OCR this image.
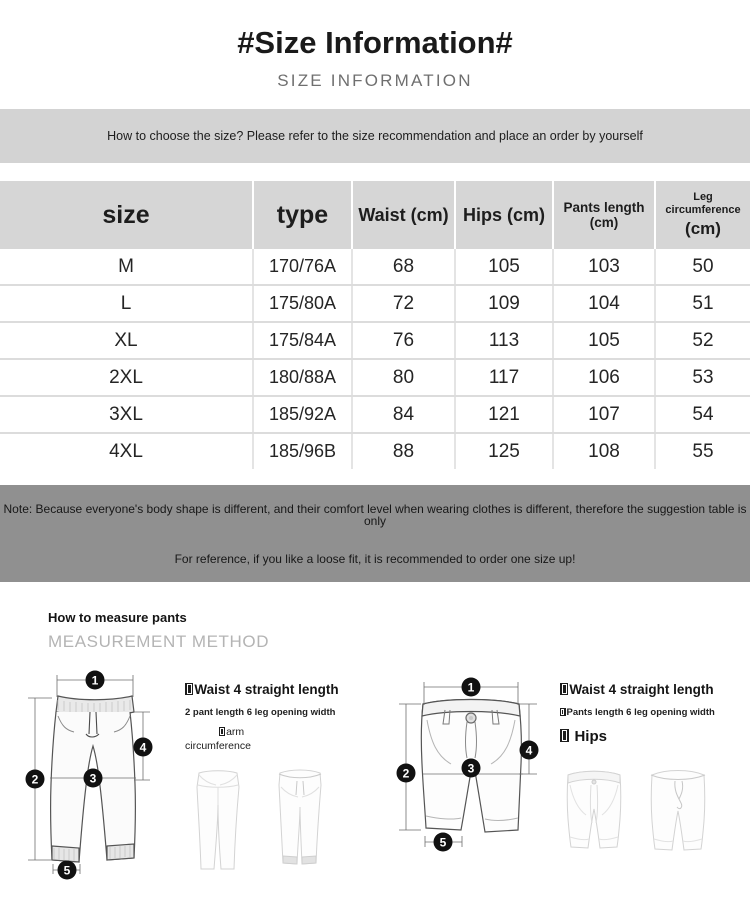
#Size Information#
SIZE INFORMATION
How to choose the size? Please refer to the size recommendation and place an order by yourself
size	type	Waist (cm)	Hips (cm)	Pants length (cm)	Leg circumference
(cm)

M	170/76A	68	105	103	50
L	175/80A	72	109	104	51
XL	175/84A	76	113	105	52
2XL	180/88A	80	117	106	53
3XL	185/92A	84	121	107	54
4XL	185/96B	88	125	108	55
Note: Because everyone's body shape is different, and their comfort level when wearing clothes is different, therefore the suggestion table is only
For reference, if you like a loose fit, it is recommended to order one size up!
How to measure pants
MEASUREMENT METHOD
1
2	3
4
5
Waist 4 straight length
2 pant length 6 leg opening width
arm
circumference
1
2	3
4
5
Waist 4 straight length
Pants length 6 leg opening width
Hips
